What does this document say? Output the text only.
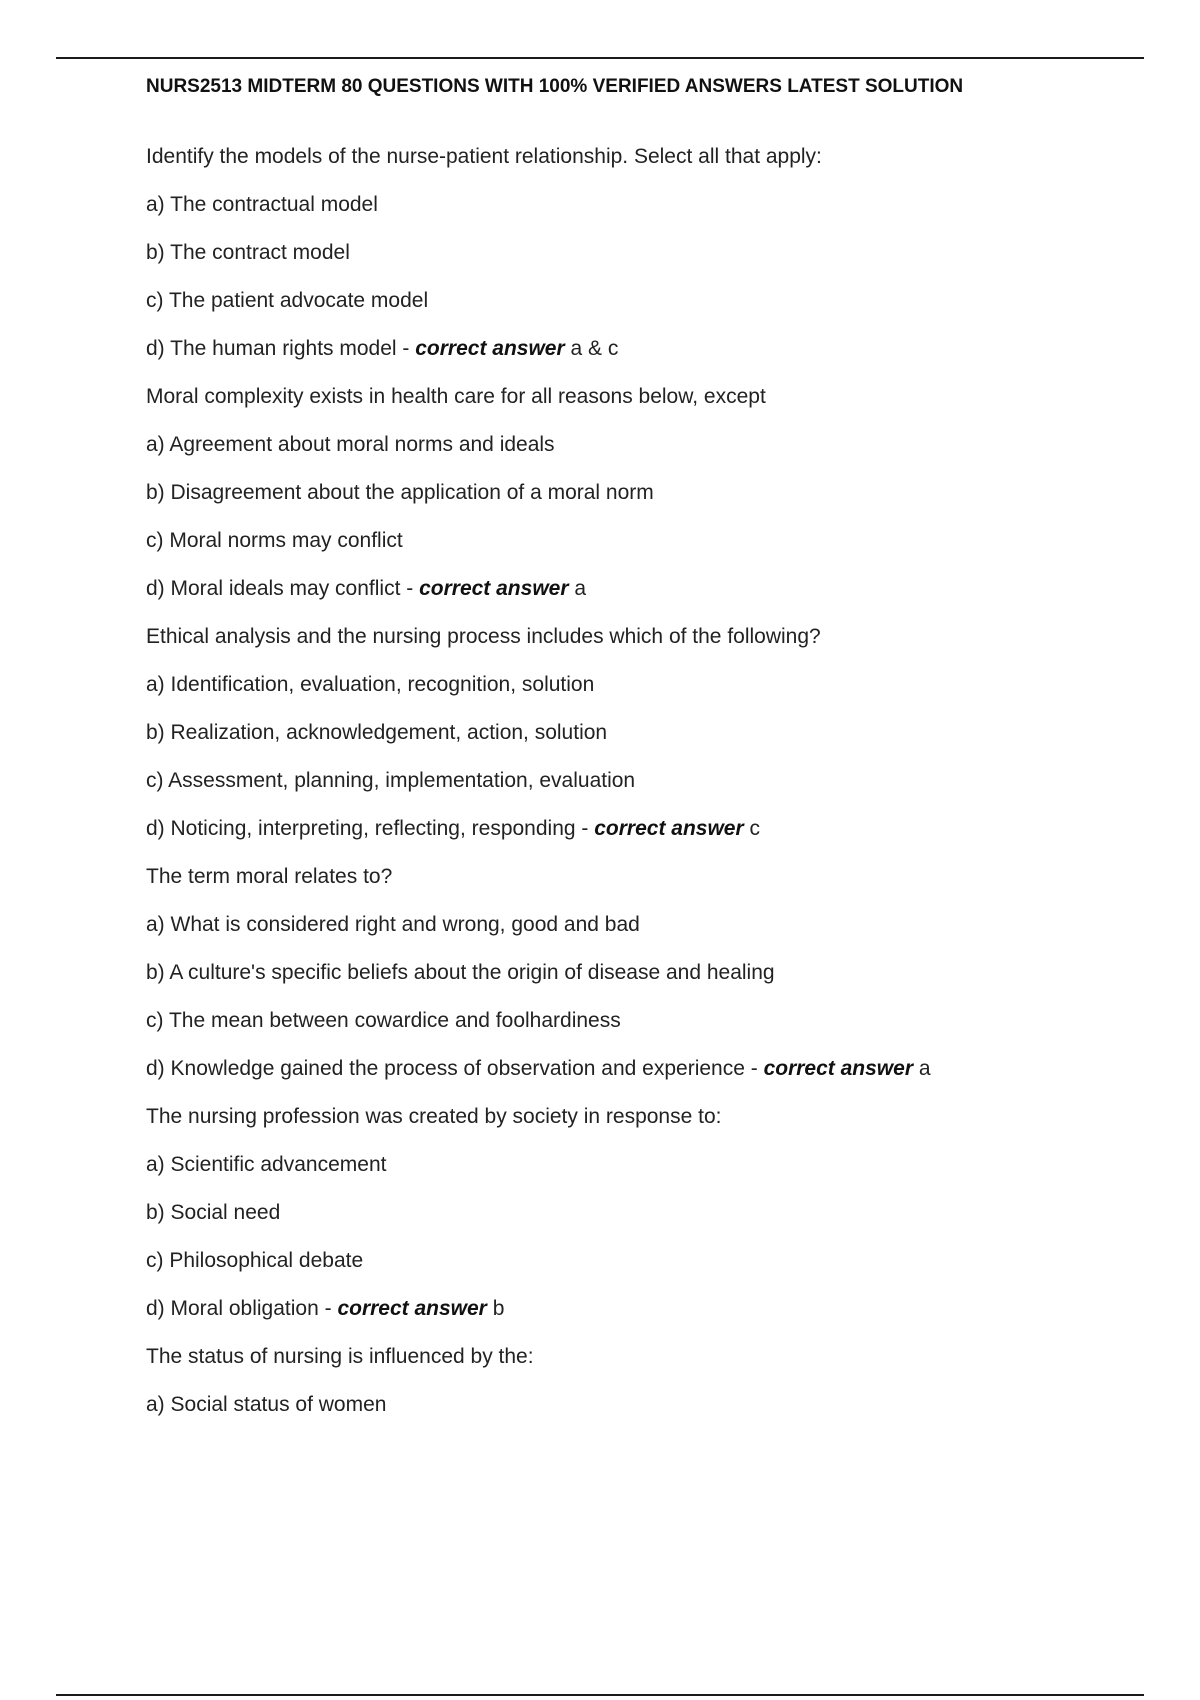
NURS2513 MIDTERM 80 QUESTIONS WITH 100% VERIFIED ANSWERS LATEST SOLUTION
Identify the models of the nurse-patient relationship. Select all that apply:
a) The contractual model
b) The contract model
c) The patient advocate model
d) The human rights model - correct answer a & c
Moral complexity exists in health care for all reasons below, except
a) Agreement about moral norms and ideals
b) Disagreement about the application of a moral norm
c) Moral norms may conflict
d) Moral ideals may conflict - correct answer a
Ethical analysis and the nursing process includes which of the following?
a) Identification, evaluation, recognition, solution
b) Realization, acknowledgement, action, solution
c) Assessment, planning, implementation, evaluation
d) Noticing, interpreting, reflecting, responding - correct answer c
The term moral relates to?
a) What is considered right and wrong, good and bad
b) A culture's specific beliefs about the origin of disease and healing
c) The mean between cowardice and foolhardiness
d) Knowledge gained the process of observation and experience - correct answer a
The nursing profession was created by society in response to:
a) Scientific advancement
b) Social need
c) Philosophical debate
d) Moral obligation - correct answer b
The status of nursing is influenced by the:
a) Social status of women
